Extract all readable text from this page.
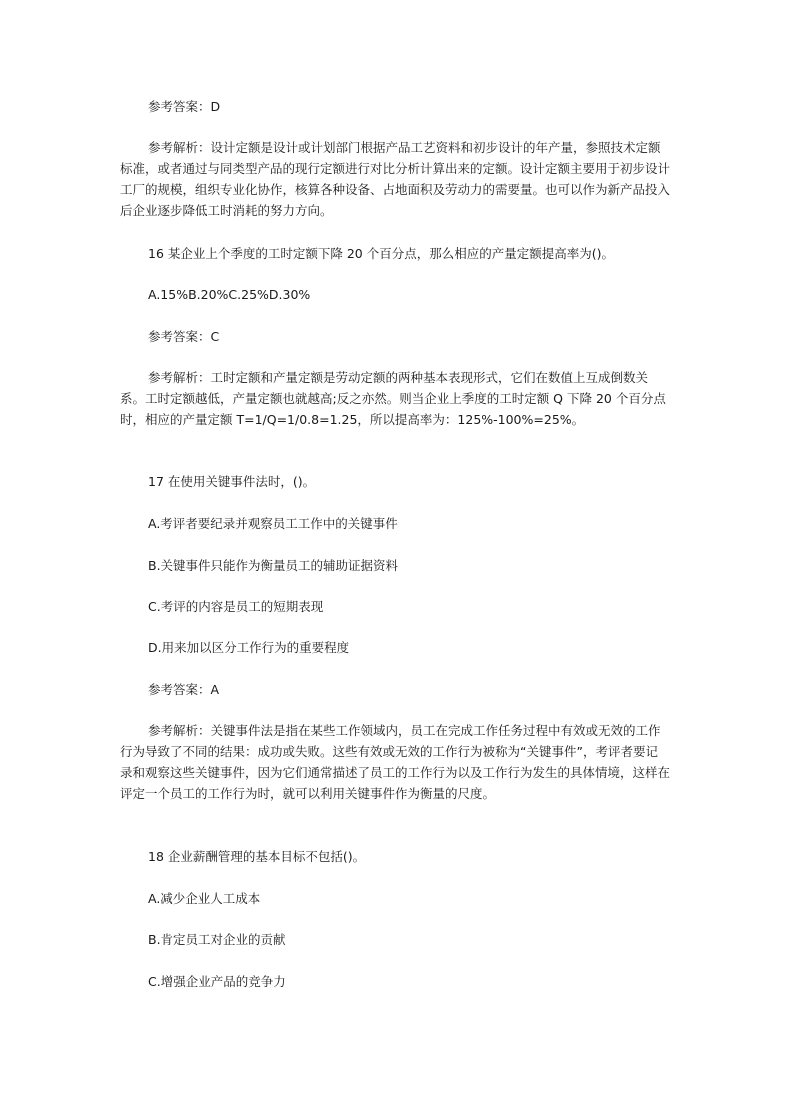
参考答案：D

参考解析：设计定额是设计或计划部门根据产品工艺资料和初步设计的年产量，参照技术定额标准，或者通过与同类型产品的现行定额进行对比分析计算出来的定额。设计定额主要用于初步设计工厂的规模，组织专业化协作，核算各种设备、占地面积及劳动力的需要量。也可以作为新产品投入后企业逐步降低工时消耗的努力方向。

16 某企业上个季度的工时定额下降 20 个百分点，那么相应的产量定额提高率为()。

A.15%B.20%C.25%D.30%

参考答案：C

参考解析：工时定额和产量定额是劳动定额的两种基本表现形式，它们在数值上互成倒数关系。工时定额越低，产量定额也就越高;反之亦然。则当企业上季度的工时定额 Q 下降 20 个百分点时，相应的产量定额 T=1/Q=1/0.8=1.25，所以提高率为：125%-100%=25%。

17 在使用关键事件法时，()。

A.考评者要纪录并观察员工工作中的关键事件

B.关键事件只能作为衡量员工的辅助证据资料

C.考评的内容是员工的短期表现

D.用来加以区分工作行为的重要程度

参考答案：A

参考解析：关键事件法是指在某些工作领域内，员工在完成工作任务过程中有效或无效的工作行为导致了不同的结果：成功或失败。这些有效或无效的工作行为被称为“关键事件”，考评者要记录和观察这些关键事件，因为它们通常描述了员工的工作行为以及工作行为发生的具体情境，这样在评定一个员工的工作行为时，就可以利用关键事件作为衡量的尺度。

18 企业薪酬管理的基本目标不包括()。

A.减少企业人工成本

B.肯定员工对企业的贡献

C.增强企业产品的竞争力
